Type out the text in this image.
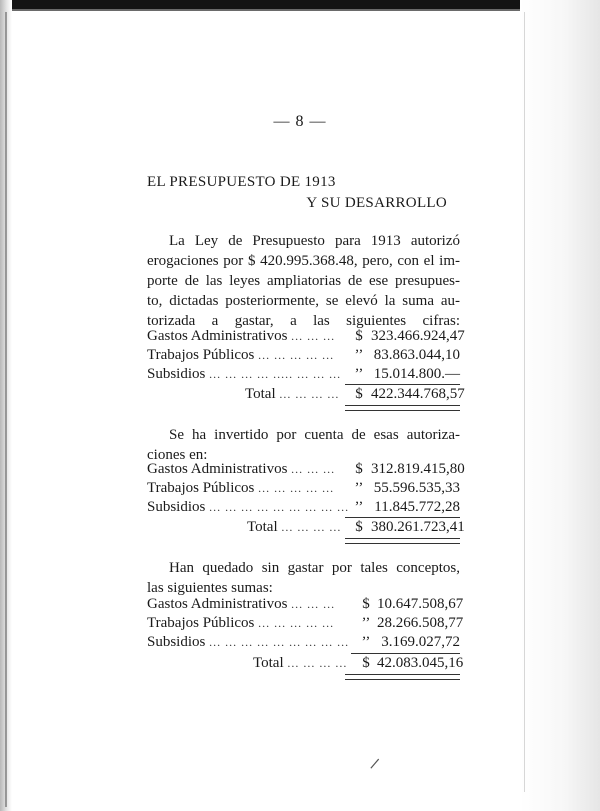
— 8 —
EL PRESUPUESTO DE 1913
Y SU DESARROLLO
La Ley de Presupuesto para 1913 autorizó
erogaciones por $ 420.995.368.48, pero, con el im-
porte de las leyes ampliatorias de ese presupues-
to, dictadas posteriormente, se elevó la suma au-
torizada a gastar, a las siguientes cifras:
Gastos Administrativos ... ... ... $ 323.466.924,47
Trabajos Públicos ... ... ... ... ... ’’ 83.863.044,10
Subsidios ... ... ... ... ..... ... ... ... ’’ 15.014.800.—
Total ... ... ... ... $ 422.344.768,57
Se ha invertido por cuenta de esas autoriza-
ciones en:
Gastos Administrativos ... ... ... $ 312.819.415,80
Trabajos Públicos ... ... ... ... ... ’’ 55.596.535,33
Subsidios ... ... ... ... ... ... ... ... ... ’’ 11.845.772,28
Total ... ... ... ... $ 380.261.723,41
Han quedado sin gastar por tales conceptos,
las siguientes sumas:
Gastos Administrativos ... ... ... $ 10.647.508,67
Trabajos Públicos ... ... ... ... ... ’’ 28.266.508,77
Subsidios ... ... ... ... ... ... ... ... ... ’’ 3.169.027,72
Total ... ... ... ... $ 42.083.045,16
